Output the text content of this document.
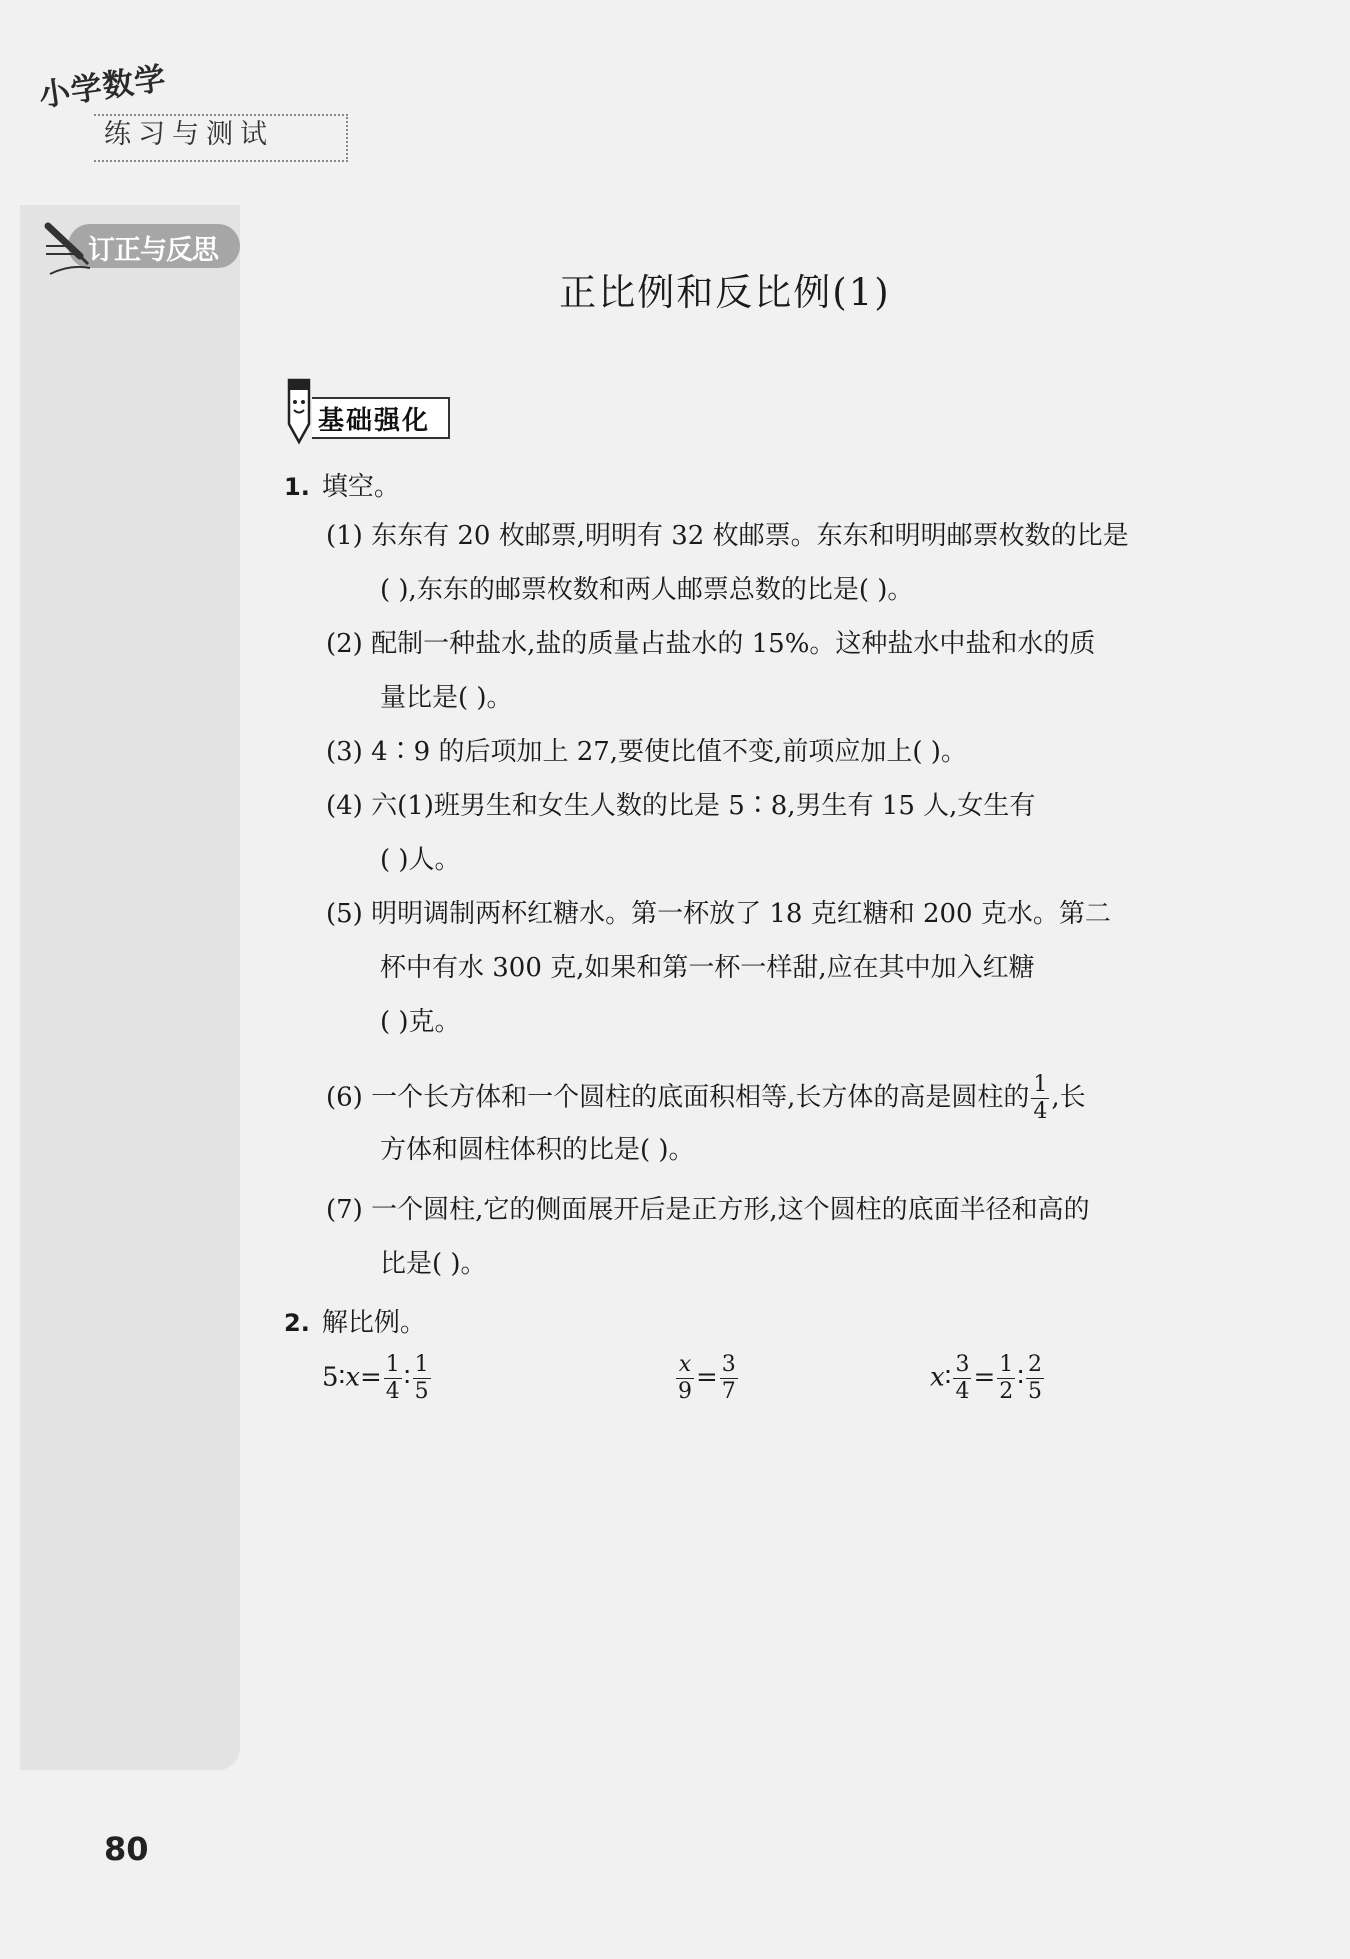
小学数学
练习与测试
订正与反思
正比例和反比例(1)
基础强化
1. 填空。
(1) 东东有 20 枚邮票,明明有 32 枚邮票。东东和明明邮票枚数的比是
( ),东东的邮票枚数和两人邮票总数的比是( )。
(2) 配制一种盐水,盐的质量占盐水的 15%。这种盐水中盐和水的质
量比是( )。
(3) 4∶9 的后项加上 27,要使比值不变,前项应加上( )。
(4) 六(1)班男生和女生人数的比是 5∶8,男生有 15 人,女生有
( )人。
(5) 明明调制两杯红糖水。第一杯放了 18 克红糖和 200 克水。第二
杯中有水 300 克,如果和第一杯一样甜,应在其中加入红糖
( )克。
(6) 一个长方体和一个圆柱的底面积相等,长方体的高是圆柱的 $\frac{1}{4}$ ,长
方体和圆柱体积的比是( )。
(7) 一个圆柱,它的侧面展开后是正方形,这个圆柱的底面半径和高的
比是( )。
2. 解比例。
5∶x= $\frac{1}{4}$ ∶ $\frac{1}{5}$	$\frac{x}{9} = \frac{3}{7}$	x∶ $\frac{3}{4} = \frac{1}{2}$ ∶ $\frac{2}{5}$
80
